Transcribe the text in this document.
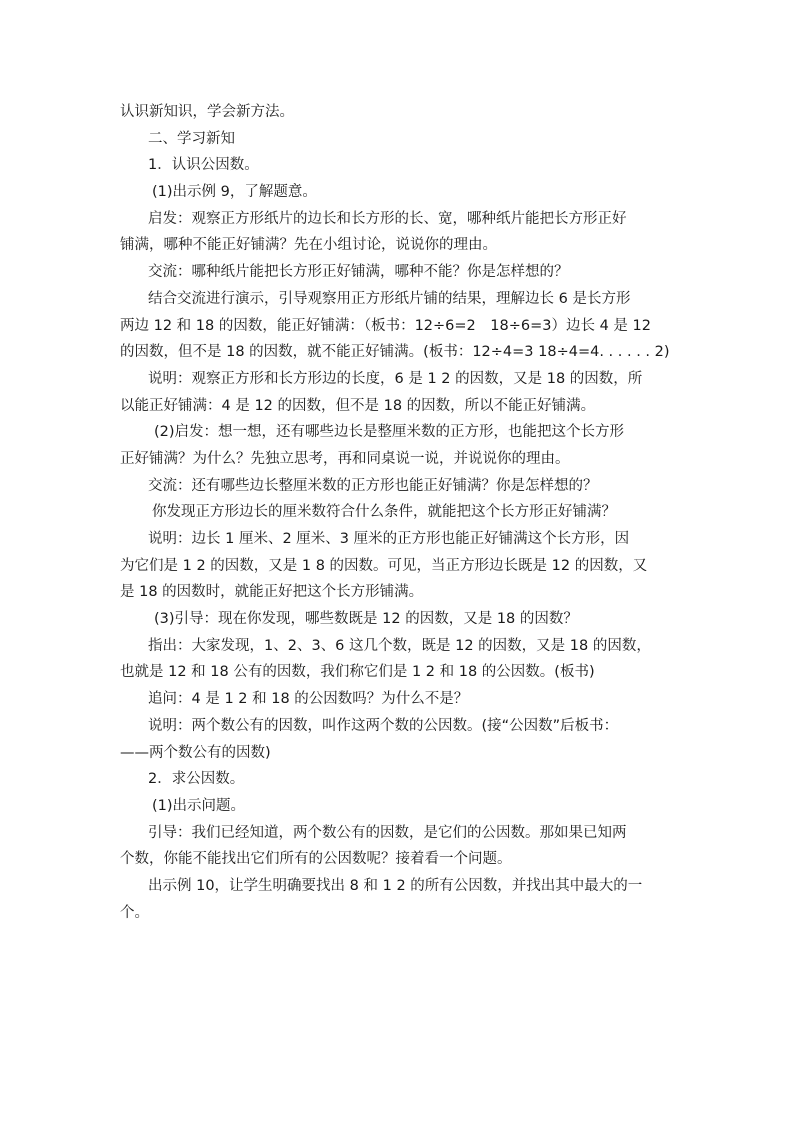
认识新知识，学会新方法。
二、学习新知
1．认识公因数。
(1)出示例 9，了解题意。
启发：观察正方形纸片的边长和长方形的长、宽，哪种纸片能把长方形正好
铺满，哪种不能正好铺满？先在小组讨论，说说你的理由。
交流：哪种纸片能把长方形正好铺满，哪种不能？你是怎样想的？
结合交流进行演示，引导观察用正方形纸片铺的结果，理解边长 6 是长方形
两边 12 和 18 的因数，能正好铺满：（板书：12÷6=2　18÷6=3）边长 4 是 12
的因数，但不是 18 的因数，就不能正好铺满。(板书：12÷4=3 18÷4=4. . . . . . 2)
说明：观察正方形和长方形边的长度，6 是 1 2 的因数，又是 18 的因数，所
以能正好铺满：4 是 12 的因数，但不是 18 的因数，所以不能正好铺满。
(2)启发：想一想，还有哪些边长是整厘米数的正方形，也能把这个长方形
正好铺满？为什么？先独立思考，再和同桌说一说，并说说你的理由。
交流：还有哪些边长整厘米数的正方形也能正好铺满？你是怎样想的？
你发现正方形边长的厘米数符合什么条件，就能把这个长方形正好铺满？
说明：边长 1 厘米、2 厘米、3 厘米的正方形也能正好铺满这个长方形，因
为它们是 1 2 的因数，又是 1 8 的因数。可见，当正方形边长既是 12 的因数，又
是 18 的因数时，就能正好把这个长方形铺满。
(3)引导：现在你发现，哪些数既是 12 的因数，又是 18 的因数？
指出：大家发现，1、2、3、6 这几个数，既是 12 的因数，又是 18 的因数，
也就是 12 和 18 公有的因数，我们称它们是 1 2 和 18 的公因数。(板书)
追问：4 是 1 2 和 18 的公因数吗？为什么不是？
说明：两个数公有的因数，叫作这两个数的公因数。(接“公因数”后板书：
——两个数公有的因数)
2．求公因数。
(1)出示问题。
引导：我们已经知道，两个数公有的因数，是它们的公因数。那如果已知两
个数，你能不能找出它们所有的公因数呢？接着看一个问题。
出示例 10，让学生明确要找出 8 和 1 2 的所有公因数，并找出其中最大的一
个。
